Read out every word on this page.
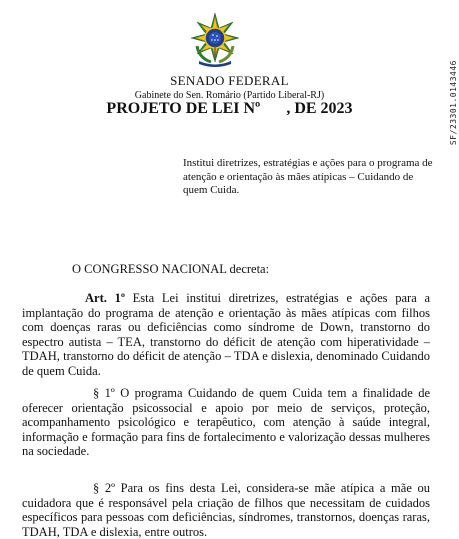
SENADO FEDERAL
Gabinete do Sen. Romário (Partido Liberal-RJ)
PROJETO DE LEI Nº , DE 2023	SF/23301.0143446
Institui diretrizes, estratégias e ações para o programa de atenção e orientação às mães atípicas – Cuidando de quem Cuida.
O CONGRESSO NACIONAL decreta:
Art. 1º Esta Lei institui diretrizes, estratégias e ações para a implantação do programa de atenção e orientação às mães atípicas com filhos com doenças raras ou deficiências como síndrome de Down, transtorno do espectro autista – TEA, transtorno do déficit de atenção com hiperatividade – TDAH, transtorno do déficit de atenção – TDA e dislexia, denominado Cuidando de quem Cuida.
§ 1º O programa Cuidando de quem Cuida tem a finalidade de oferecer orientação psicossocial e apoio por meio de serviços, proteção, acompanhamento psicológico e terapêutico, com atenção à saúde integral, informação e formação para fins de fortalecimento e valorização dessas mulheres na sociedade.
§ 2º Para os fins desta Lei, considera-se mãe atípica a mãe ou cuidadora que é responsável pela criação de filhos que necessitam de cuidados específicos para pessoas com deficiências, síndromes, transtornos, doenças raras, TDAH, TDA e dislexia, entre outros.
